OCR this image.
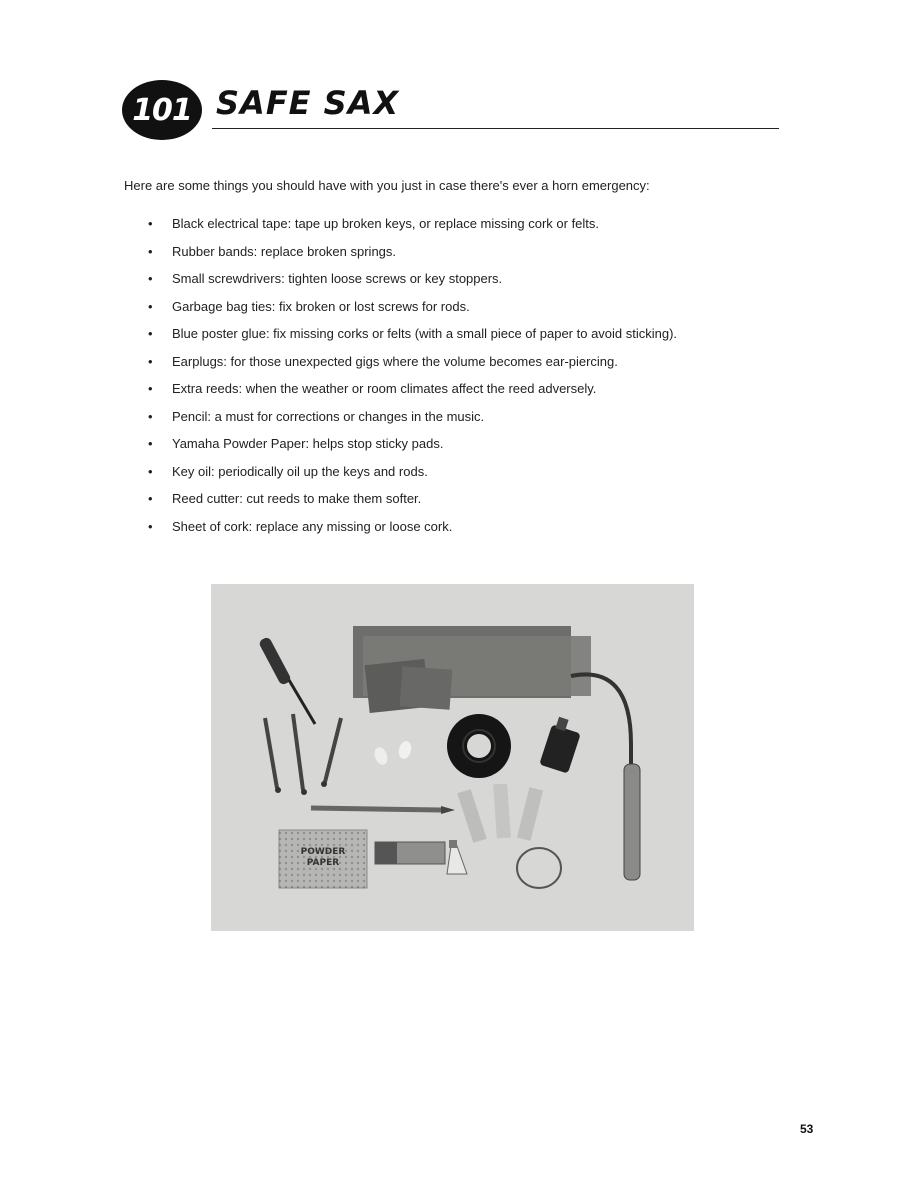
101 SAFE SAX
Here are some things you should have with you just in case there's ever a horn emergency:
• Black electrical tape: tape up broken keys, or replace missing cork or felts.
• Rubber bands: replace broken springs.
• Small screwdrivers: tighten loose screws or key stoppers.
• Garbage bag ties: fix broken or lost screws for rods.
• Blue poster glue: fix missing corks or felts (with a small piece of paper to avoid sticking).
• Earplugs: for those unexpected gigs where the volume becomes ear-piercing.
• Extra reeds: when the weather or room climates affect the reed adversely.
• Pencil: a must for corrections or changes in the music.
• Yamaha Powder Paper: helps stop sticky pads.
• Key oil: periodically oil up the keys and rods.
• Reed cutter: cut reeds to make them softer.
• Sheet of cork: replace any missing or loose cork.
POWDER
PAPER
53
